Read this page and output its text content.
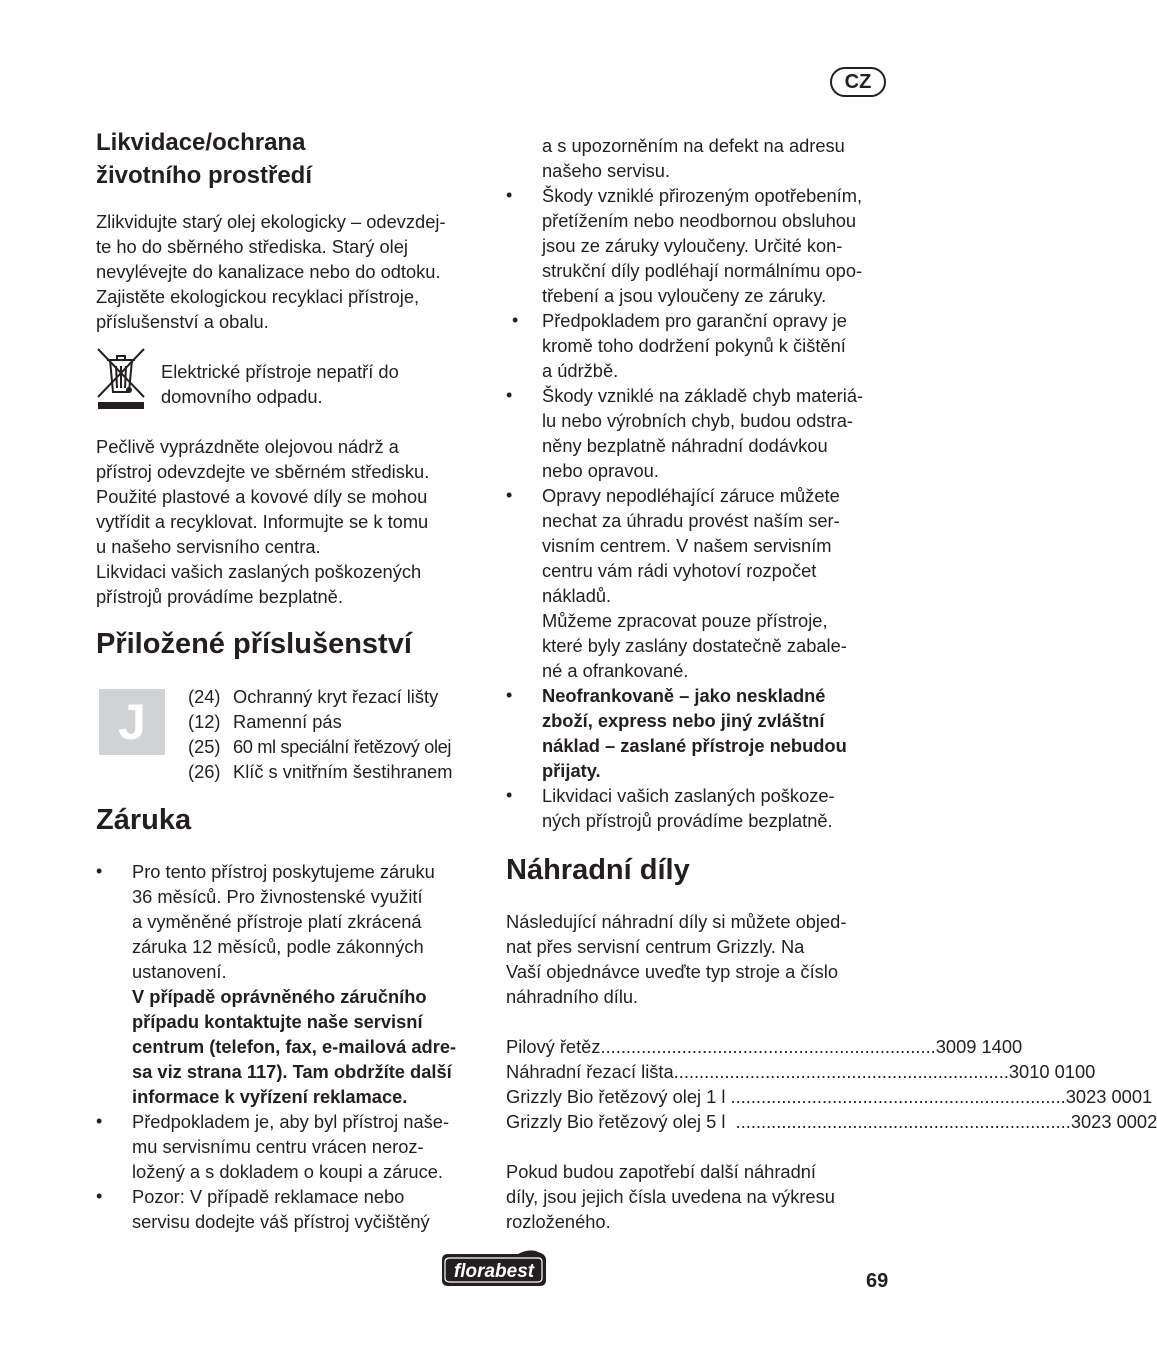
CZ
Likvidace/ochrana
životního prostředí

Zlikvidujte starý olej ekologicky – odevzdej-
te ho do sběrného střediska. Starý olej
nevylévejte do kanalizace nebo do odtoku.
Zajistěte ekologickou recyklaci přístroje,
příslušenství a obalu.

Elektrické přístroje nepatří do
domovního odpadu.

Pečlivě vyprázdněte olejovou nádrž a
přístroj odevzdejte ve sběrném středisku.
Použité plastové a kovové díly se mohou
vytřídit a recyklovat. Informujte se k tomu
u našeho servisního centra.
Likvidaci vašich zaslaných poškozených
přístrojů provádíme bezplatně.

Přiložené příslušenství
J	(24) Ochranný kryt řezací lišty
(12) Ramenní pás
(25) 60 ml speciální řetězový olej
(26) Klíč s vnitřním šestihranem
Záruka
• Pro tento přístroj poskytujeme záruku
36 měsíců. Pro živnostenské využití
a vyměněné přístroje platí zkrácená
záruka 12 měsíců, podle zákonných
ustanovení.

V případě oprávněného záručního
případu kontaktujte naše servisní
centrum (telefon, fax, e-mailová adre-
sa viz strana 117). Tam obdržíte další
informace k vyřízení reklamace.

• Předpokladem je, aby byl přístroj naše-
mu servisnímu centru vrácen neroz-
ložený a s dokladem o koupi a záruce.

• Pozor: V případě reklamace nebo
servisu dodejte váš přístroj vyčištěný

a s upozorněním na defekt na adresu
našeho servisu.

• Škody vzniklé přirozeným opotřebením,
přetížením nebo neodbornou obsluhou
jsou ze záruky vyloučeny. Určité kon-
strukční díly podléhají normálnímu opo-
třebení a jsou vyloučeny ze záruky.

• Předpokladem pro garanční opravy je
kromě toho dodržení pokynů k čištění
a údržbě.

• Škody vzniklé na základě chyb materiá-
lu nebo výrobních chyb, budou odstra-
něny bezplatně náhradní dodávkou
nebo opravou.

• Opravy nepodléhající záruce můžete
nechat za úhradu provést naším ser-
visním centrem. V našem servisním
centru vám rádi vyhotoví rozpočet
nákladů.
Můžeme zpracovat pouze přístroje,
které byly zaslány dostatečně zabale-
né a ofrankované.

• Neofrankovaně – jako neskladné
zboží, express nebo jiný zvláštní
náklad – zaslané přístroje nebudou
přijaty.

• Likvidaci vašich zaslaných poškoze-
ných přístrojů provádíme bezplatně.

Náhradní díly

Následující náhradní díly si můžete objed-
nat přes servisní centrum Grizzly. Na
Vaší objednávce uveďte typ stroje a číslo
náhradního dílu.

Pilový řetěz .................................................................. 3009 1400
Náhradní řezací lišta .................................................................. 3010 0100
Grizzly Bio řetězový olej 1 l .................................................................. 3023 0001
Grizzly Bio řetězový olej 5 l .................................................................. 3023 0002

Pokud budou zapotřebí další náhradní
díly, jsou jejich čísla uvedena na výkresu
rozloženého.

florabest	69
